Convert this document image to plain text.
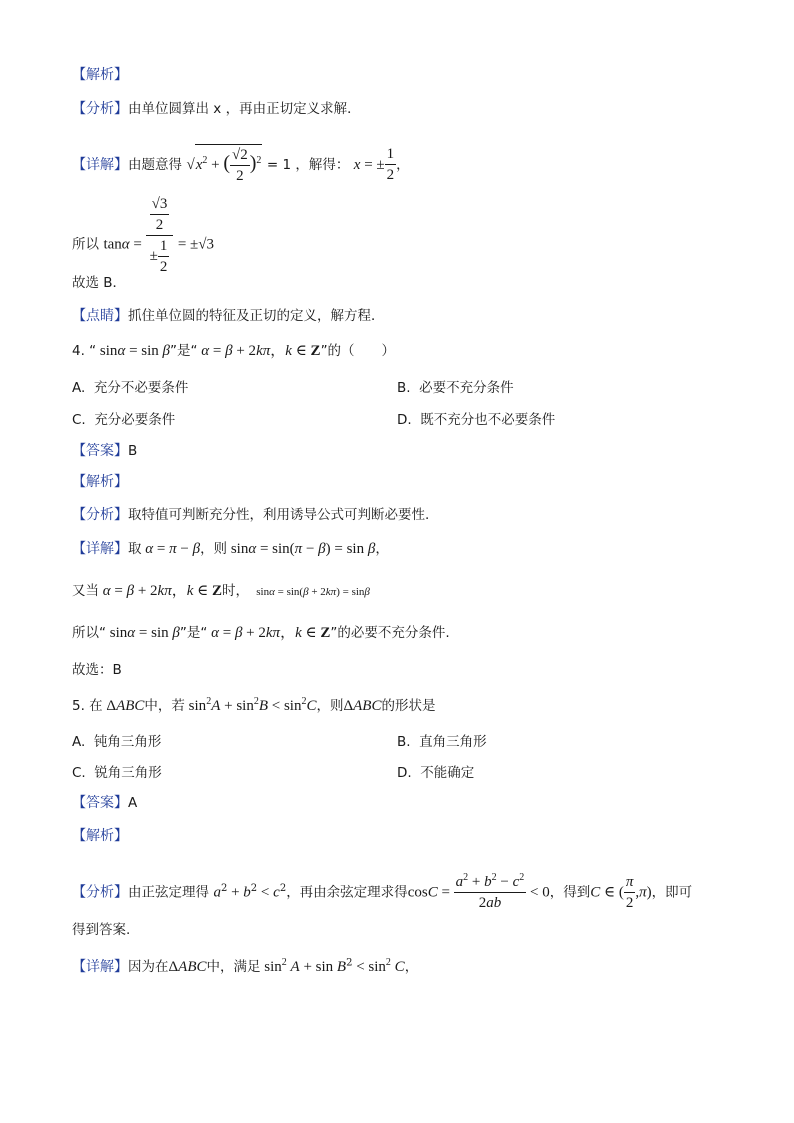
【解析】
【分析】由单位圆算出 x ，再由正切定义求解．
【详解】由题意得 $√x^2$ + ( $\frac{√2}{2} )^2 = 1$ ，解得： x = ± $\frac{1}{2}$ ，
所以 $\tan\alpha = \frac{\frac{√3}{2}}{\pm \frac{1}{2}} = \pm√3$
故选 B．
【点睛】抓住单位圆的特征及正切的定义，解方程．
4. “ sinα = sin β”是“ α = β + 2kπ，k ∈ Z”的（　　）
A. 充分不必要条件	B. 必要不充分条件
C. 充分必要条件	D. 既不充分也不必要条件
【答案】B
【解析】
【分析】取特值可判断充分性，利用诱导公式可判断必要性.
【详解】取 α = π − β，则 sinα = sin(π − β) = sin β，
又当 α = β + 2kπ，k ∈ Z时，  sinα = sin(β + 2kπ) = sinβ
所以“ sinα = sin β”是“ α = β + 2kπ，k ∈ Z”的必要不充分条件.
故选：B
5. 在 ΔABC中，若 $\sin^2A + \sin^2B < \sin^2C$，则ΔABC的形状是
A. 钝角三角形	B. 直角三角形
C. 锐角三角形	D. 不能确定
【答案】A
【解析】
【分析】由正弦定理得 $a^2 + b^2 < c^2$，再由余弦定理求得$\cos C = \frac{a^2 + b^2 - c^2}{2ab} < 0$，得到C ∈ ( $\frac{\pi}{2} ,\pi$)，即可
得到答案.
【详解】因为在ΔABC中，满足 $\sin^2 A + \sin B^2 < \sin^2 C$，
